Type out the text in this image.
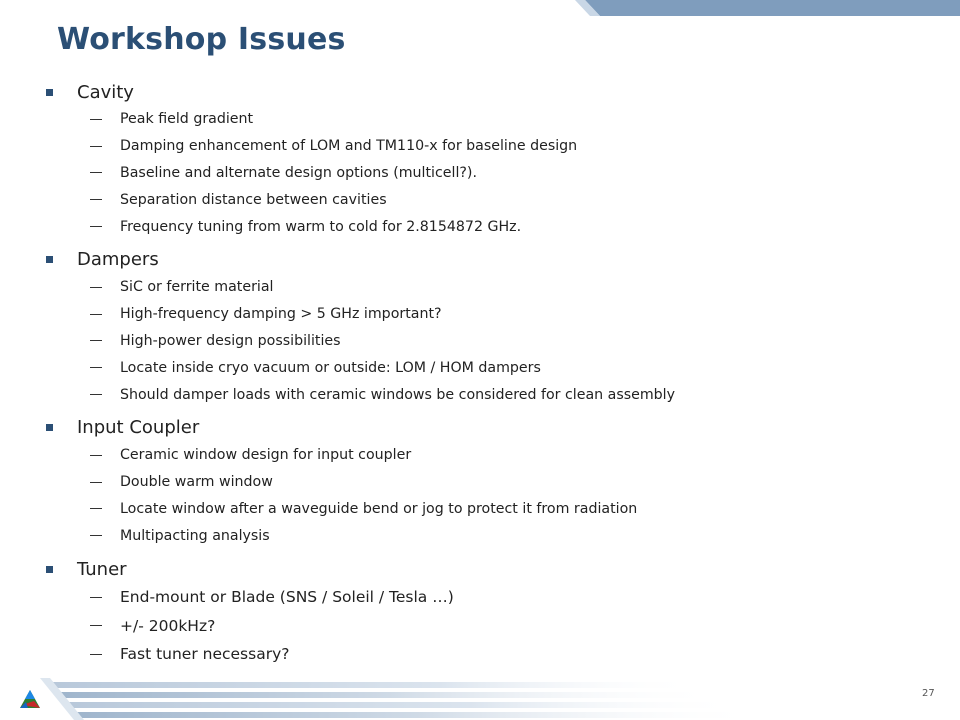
Workshop Issues
Cavity
Peak field gradient
Damping enhancement of LOM and TM110-x for baseline design
Baseline and alternate design options (multicell?).
Separation distance between cavities
Frequency tuning from warm to cold for 2.8154872 GHz.
Dampers
SiC or ferrite material
High-frequency damping > 5 GHz important?
High-power design possibilities
Locate inside cryo vacuum or outside: LOM / HOM dampers
Should damper loads with ceramic windows be considered for clean assembly
Input Coupler
Ceramic window design for input coupler
Double warm window
Locate window after a waveguide bend or jog to protect it from radiation
Multipacting analysis
Tuner
End-mount or Blade (SNS / Soleil / Tesla …)
+/- 200kHz?
Fast tuner necessary?
27
